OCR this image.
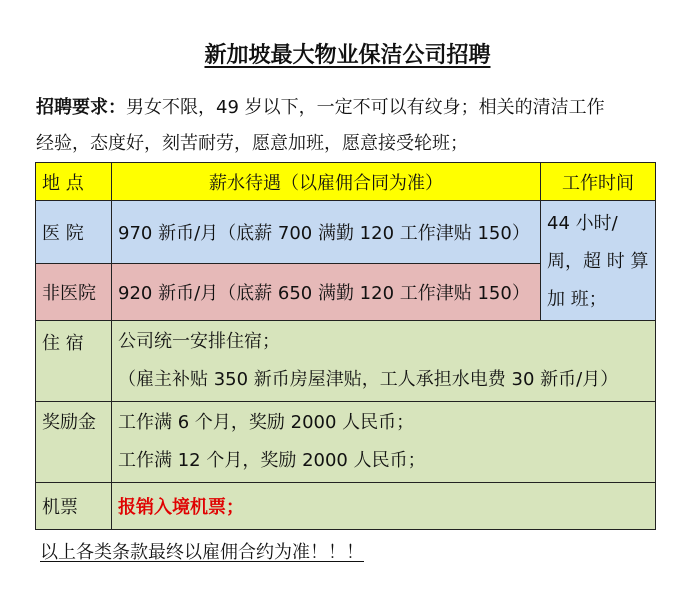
新加坡最大物业保洁公司招聘
招聘要求：男女不限，49 岁以下，一定不可以有纹身；相关的清洁工作
经验，态度好，刻苦耐劳，愿意加班，愿意接受轮班；
地 点	薪水待遇（以雇佣合同为准）	工作时间
医 院	970 新币/月（底薪 700 满勤 120 工作津贴 150）	44 小时/周，超 时 算 加 班；
非医院	920 新币/月（底薪 650 满勤 120 工作津贴 150）	
住 宿	公司统一安排住宿；
（雇主补贴 350 新币房屋津贴，工人承担水电费 30 新币/月）	

奖励金	工作满 6 个月，奖励 2000 人民币；
工作满 12 个月，奖励 2000 人民币；	

机票	报销入境机票；	
以上各类条款最终以雇佣合约为准！！！
